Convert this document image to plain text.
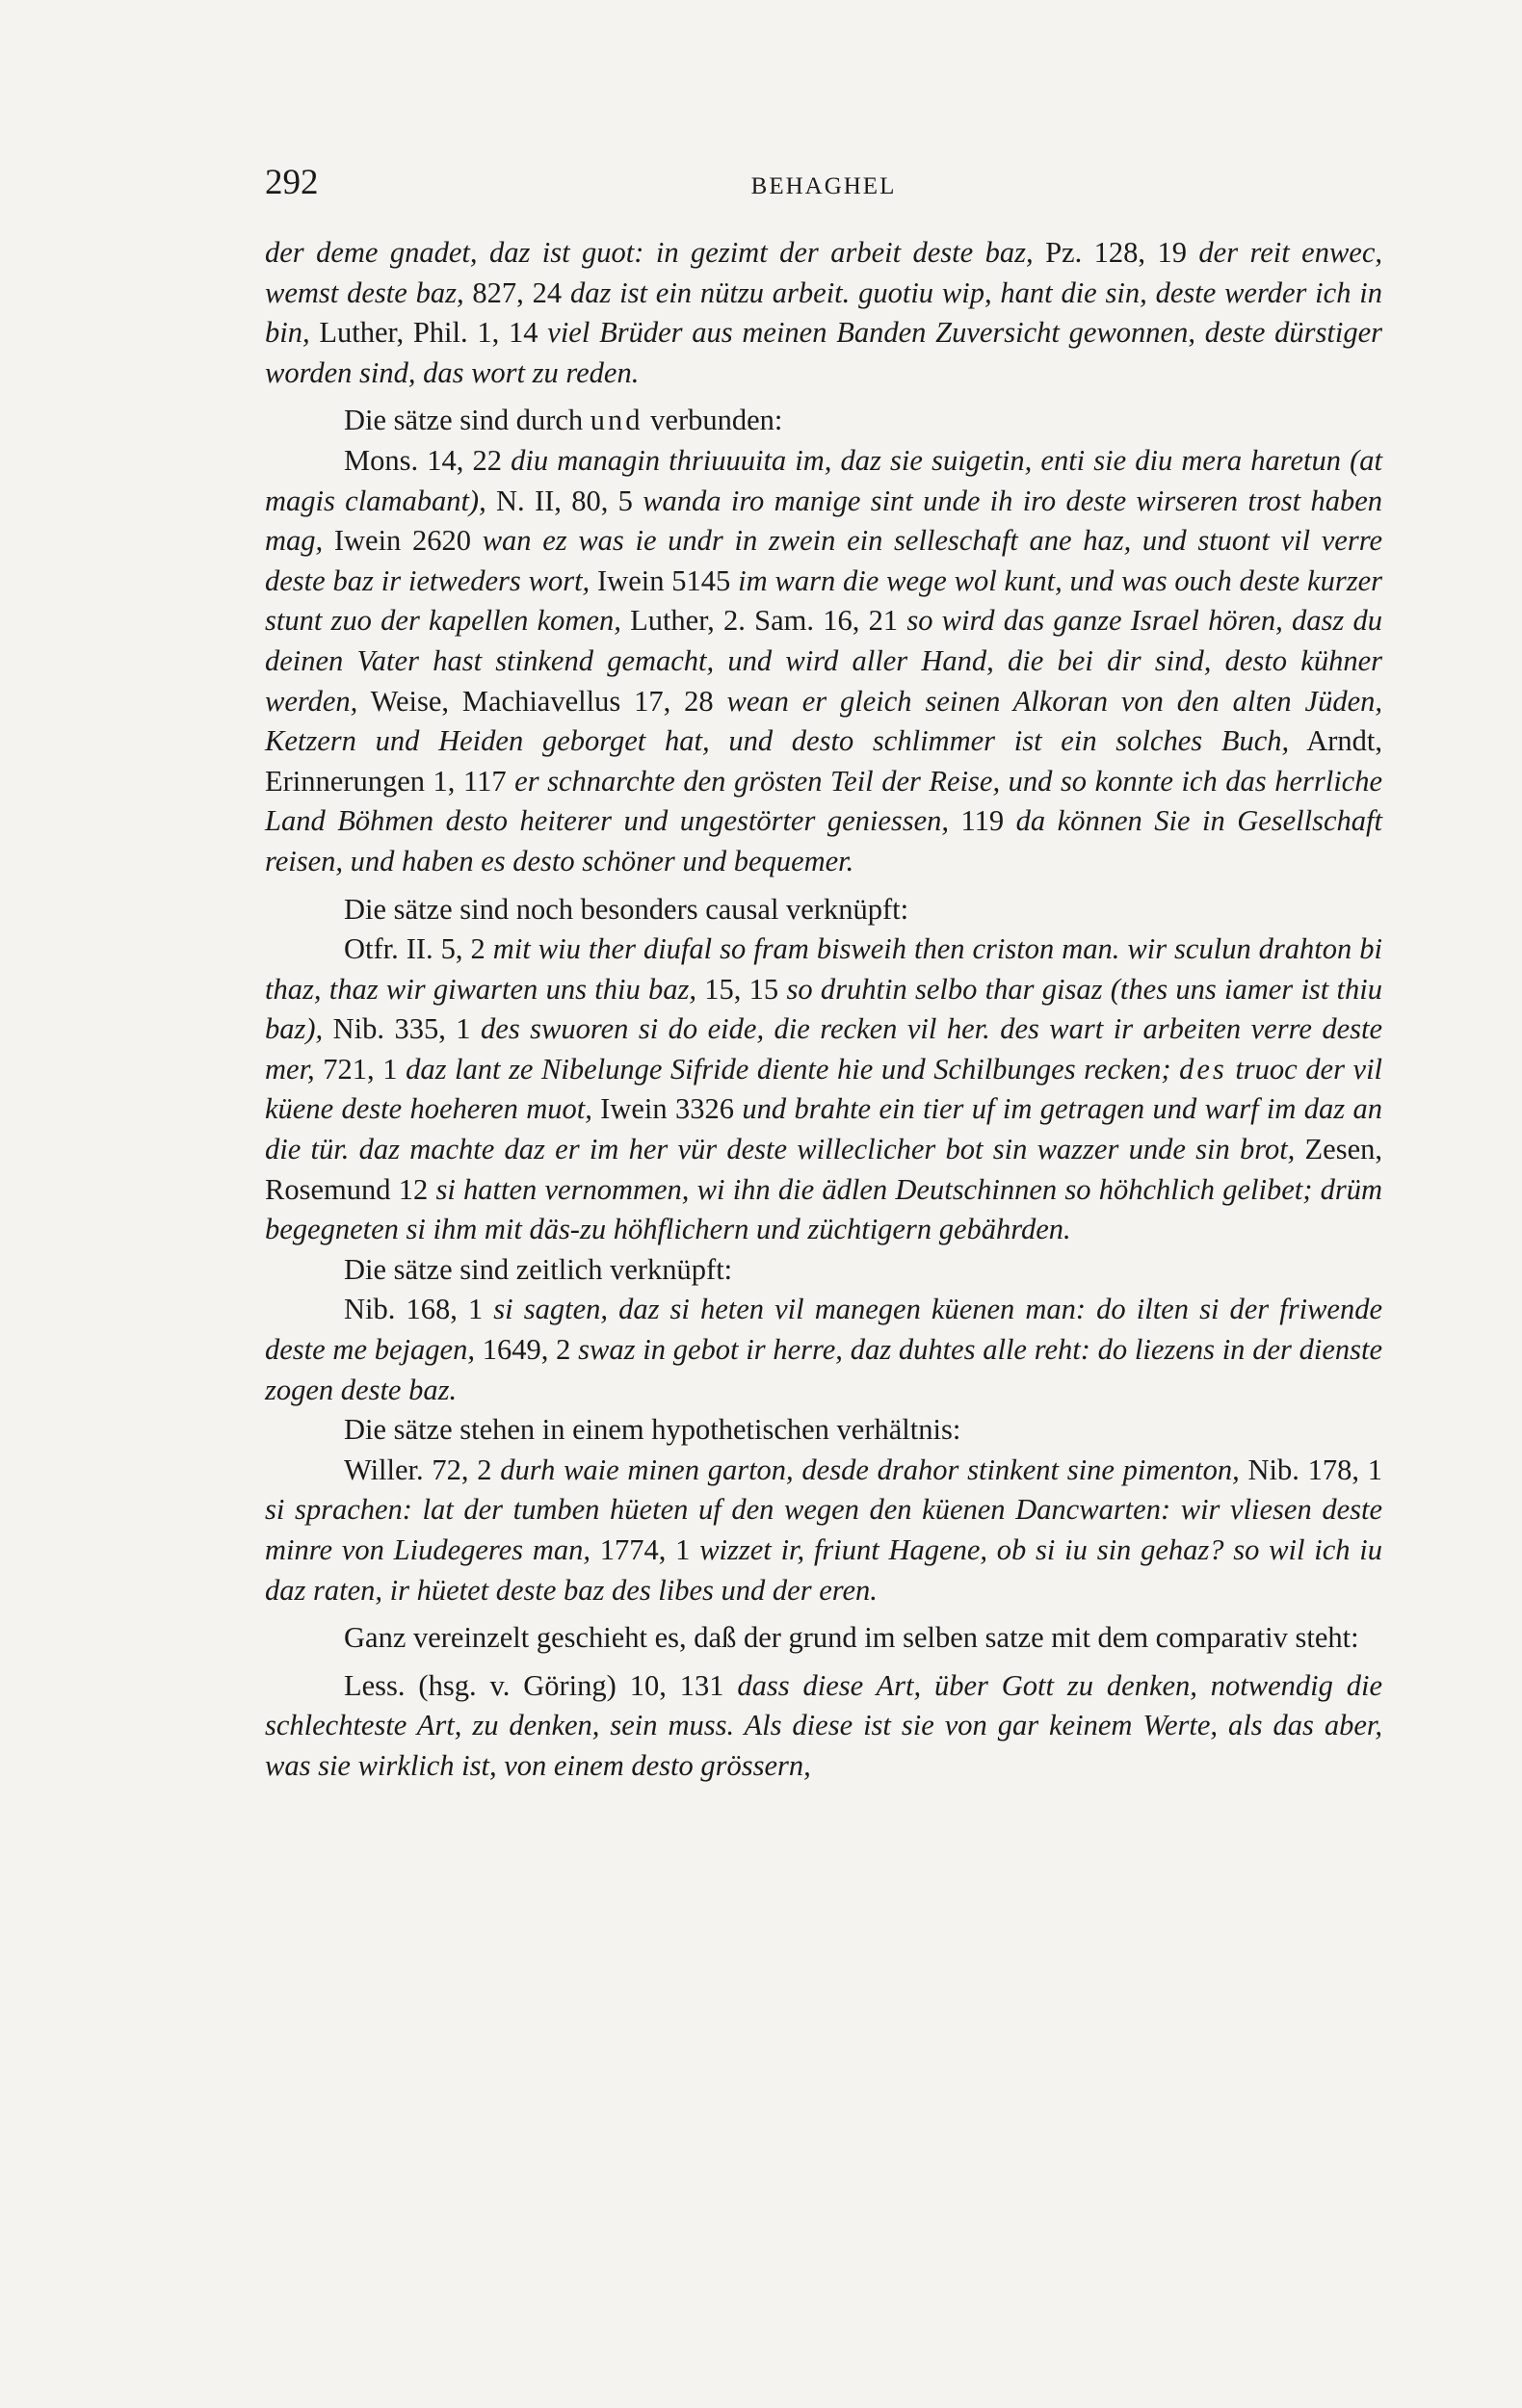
292	BEHAGHEL

der deme gnadet, daz ist guot: in gezimt der arbeit deste baz, Pz. 128, 19 der reit enwec, wemst deste baz, 827, 24 daz ist ein nützu arbeit. guotiu wip, hant die sin, deste werder ich in bin, Luther, Phil. 1, 14 viel Brüder aus meinen Banden Zuversicht gewonnen, deste dürstiger worden sind, das wort zu reden.

Die sätze sind durch und verbunden:

Mons. 14, 22 diu managin thriuuuita im, daz sie suigetin, enti sie diu mera haretun (at magis clamabant), N. II, 80, 5 wanda iro manige sint unde ih iro deste wirseren trost haben mag, Iwein 2620 wan ez was ie undr in zwein ein selleschaft ane haz, und stuont vil verre deste baz ir ietweders wort, Iwein 5145 im warn die wege wol kunt, und was ouch deste kurzer stunt zuo der kapellen komen, Luther, 2. Sam. 16, 21 so wird das ganze Israel hören, dasz du deinen Vater hast stinkend gemacht, und wird aller Hand, die bei dir sind, desto kühner werden, Weise, Machiavellus 17, 28 wean er gleich seinen Alkoran von den alten Jüden, Ketzern und Heiden geborget hat, und desto schlimmer ist ein solches Buch, Arndt, Erinnerungen 1, 117 er schnarchte den grösten Teil der Reise, und so konnte ich das herrliche Land Böhmen desto heiterer und ungestörter geniessen, 119 da können Sie in Gesellschaft reisen, und haben es desto schöner und bequemer.

Die sätze sind noch besonders causal verknüpft:

Otfr. II. 5, 2 mit wiu ther diufal so fram bisweih then criston man. wir sculun drahton bi thaz, thaz wir giwarten uns thiu baz, 15, 15 so druhtin selbo thar gisaz (thes uns iamer ist thiu baz), Nib. 335, 1 des swuoren si do eide, die recken vil her. des wart ir arbeiten verre deste mer, 721, 1 daz lant ze Nibelunge Sifride diente hie und Schilbunges recken; des truoc der vil küene deste hoeheren muot, Iwein 3326 und brahte ein tier uf im getragen und warf im daz an die tür. daz machte daz er im her vür deste willeclicher bot sin wazzer unde sin brot, Zesen, Rosemund 12 si hatten vernommen, wi ihn die ädlen Deutschinnen so höhchlich gelibet; drüm begegneten si ihm mit däs-zu höhflichern und züchtigern gebährden.

Die sätze sind zeitlich verknüpft:

Nib. 168, 1 si sagten, daz si heten vil manegen küenen man: do ilten si der friwende deste me bejagen, 1649, 2 swaz in gebot ir herre, daz duhtes alle reht: do liezens in der dienste zogen deste baz.

Die sätze stehen in einem hypothetischen verhältnis:

Willer. 72, 2 durh waie minen garton, desde drahor stinkent sine pimenton, Nib. 178, 1 si sprachen: lat der tumben hüeten uf den wegen den küenen Dancwarten: wir vliesen deste minre von Liudegeres man, 1774, 1 wizzet ir, friunt Hagene, ob si iu sin gehaz? so wil ich iu daz raten, ir hüetet deste baz des libes und der eren.

Ganz vereinzelt geschieht es, daß der grund im selben satze mit dem comparativ steht:

Less. (hsg. v. Göring) 10, 131 dass diese Art, über Gott zu denken, notwendig die schlechteste Art, zu denken, sein muss. Als diese ist sie von gar keinem Werte, als das aber, was sie wirklich ist, von einem desto grössern,
